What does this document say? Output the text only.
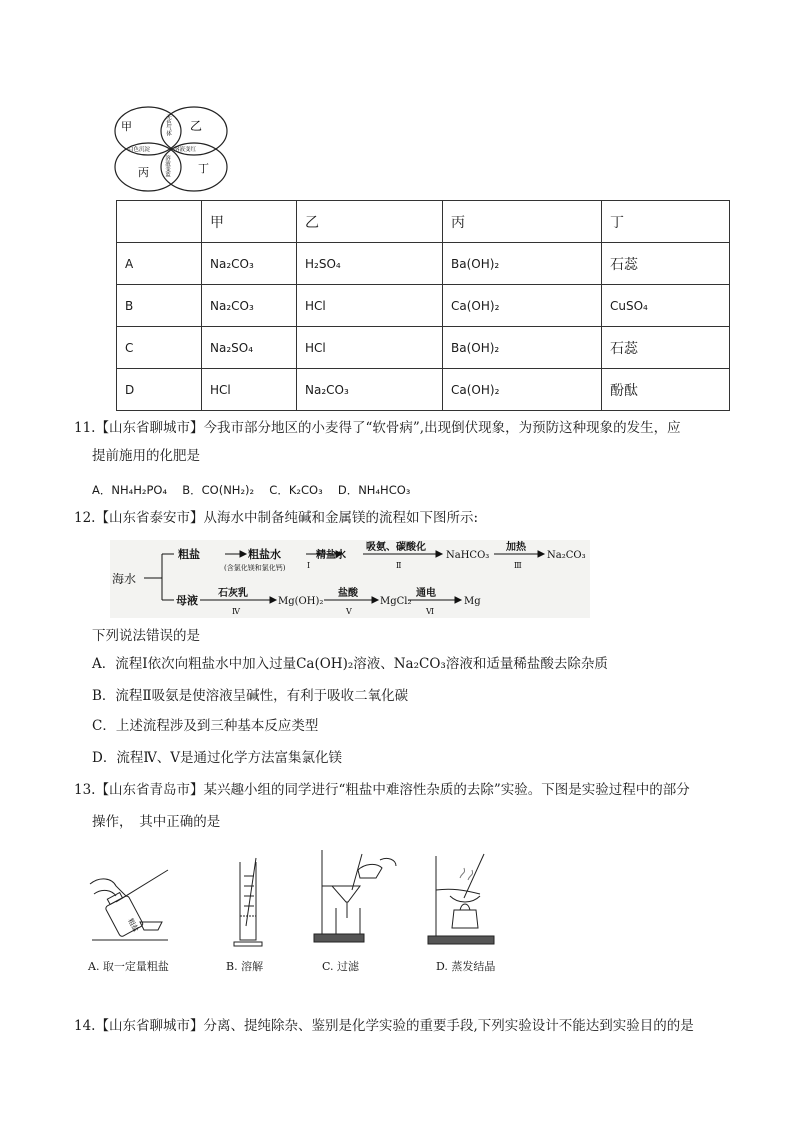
甲	乙
丙	丁
无色气体
白色沉淀	溶液变红
溶液变蓝
	甲	乙	丙	丁
A	Na₂CO₃	H₂SO₄	Ba(OH)₂	石蕊
B	Na₂CO₃	HCl	Ca(OH)₂	CuSO₄
C	Na₂SO₄	HCl	Ba(OH)₂	石蕊
D	HCl	Na₂CO₃	Ca(OH)₂	酚酞
11.【山东省聊城市】今我市部分地区的小麦得了“软骨病”,出现倒伏现象，为预防这种现象的发生，应
提前施用的化肥是
A．NH₄H₂PO₄　 B．CO(NH₂)₂　 C．K₂CO₃　 D．NH₄HCO₃
12.【山东省泰安市】从海水中制备纯碱和金属镁的流程如下图所示:
海水
粗盐	粗盐水
(含氯化镁和氯化钙)	Ⅰ
精盐水
吸氨、碳酸化
Ⅱ
NaHCO₃
加热
Ⅲ
Na₂CO₃
母液
石灰乳
Ⅳ
Mg(OH)₂
盐酸
Ⅴ
MgCl₂
通电
Ⅵ
Mg
下列说法错误的是
A．流程Ⅰ依次向粗盐水中加入过量Ca(OH)₂溶液、Na₂CO₃溶液和适量稀盐酸去除杂质
B．流程Ⅱ吸氨是使溶液呈碱性，有利于吸收二氧化碳
C．上述流程涉及到三种基本反应类型
D．流程Ⅳ、Ⅴ是通过化学方法富集氯化镁
13.【山东省青岛市】某兴趣小组的同学进行“粗盐中难溶性杂质的去除”实验。下图是实验过程中的部分
操作，　其中正确的是
粗盐
A. 取一定量粗盐	B. 溶解	C. 过滤	D. 蒸发结晶
14.【山东省聊城市】分离、提纯除杂、鉴别是化学实验的重要手段,下列实验设计不能达到实验目的的是
